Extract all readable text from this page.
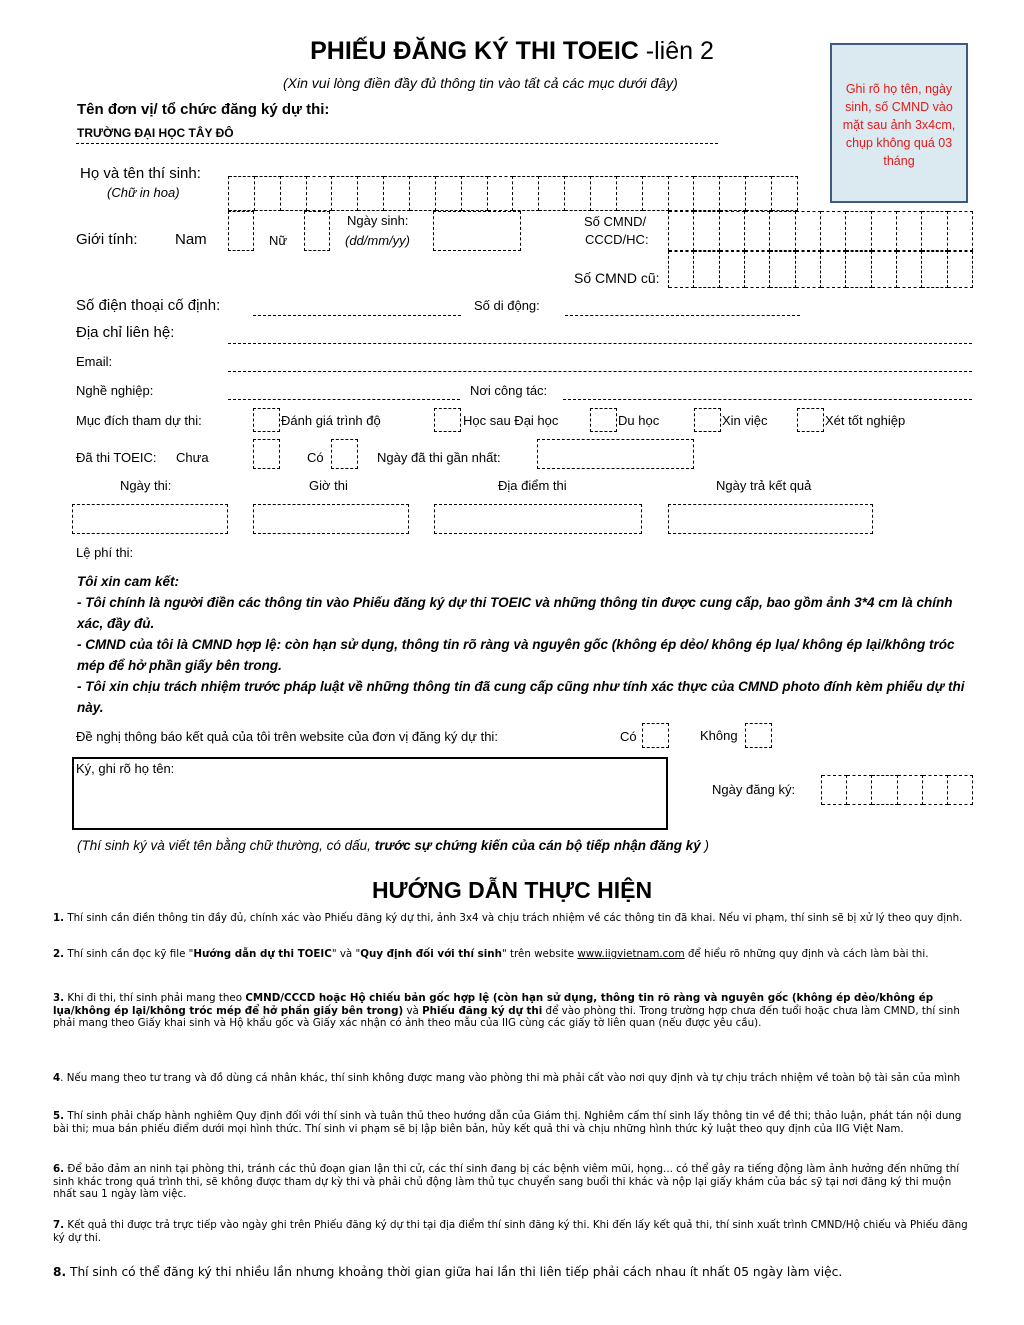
PHIẾU ĐĂNG KÝ THI TOEIC -liên 2
(Xin vui lòng điền đầy đủ thông tin vào tất cả các mục dưới đây)
Tên đơn vị/ tổ chức đăng ký dự thi:
TRƯỜNG ĐẠI HỌC TÂY ĐÔ
Ghi rõ họ tên, ngày sinh, số CMND vào mặt sau ảnh 3x4cm, chụp không quá 03 tháng
Họ và tên thí sinh:
(Chữ in hoa)
Giới tính: Nam	Nữ
Ngày sinh:
(dd/mm/yy)
Số CMND/
CCCD/HC:
Số CMND cũ:
Số điện thoại cố định:	Số di động:
Địa chỉ liên hệ:
Email:
Nghề nghiệp:	Nơi công tác:
Mục đích tham dự thi:	Đánh giá trình độ	Học sau Đại học	Du học	Xin việc	Xét tốt nghiệp
Đã thi TOEIC: Chưa	Có	Ngày đã thi gần nhất:
Ngày thi:	Giờ thi	Địa điểm thi	Ngày trả kết quả
Lệ phí thi:
Tôi xin cam kết:
- Tôi chính là người điền các thông tin vào Phiếu đăng ký dự thi TOEIC và những thông tin được cung cấp, bao gồm ảnh 3*4 cm là chính xác, đầy đủ.
- CMND của tôi là CMND hợp lệ: còn hạn sử dụng, thông tin rõ ràng và nguyên gốc (không ép dẻo/ không ép lụa/ không ép lại/không tróc mép để hở phần giấy bên trong.
- Tôi xin chịu trách nhiệm trước pháp luật về những thông tin đã cung cấp cũng như tính xác thực của CMND photo đính kèm phiếu dự thi này.
Đề nghị thông báo kết quả của tôi trên website của đơn vị đăng ký dự thi:	Có	Không
Ký, ghi rõ họ tên:
Ngày đăng ký:
(Thí sinh ký và viết tên bằng chữ thường, có dấu, trước sự chứng kiến của cán bộ tiếp nhận đăng ký )
HƯỚNG DẪN THỰC HIỆN
1. Thí sinh cần điền thông tin đầy đủ, chính xác vào Phiếu đăng ký dự thi, ảnh 3x4 và chịu trách nhiệm về các thông tin đã khai. Nếu vi phạm, thí sinh sẽ bị xử lý theo quy định.
2. Thí sinh cần đọc kỹ file "Hướng dẫn dự thi TOEIC" và "Quy định đối với thí sinh" trên website www.iigvietnam.com để hiểu rõ những quy định và cách làm bài thi.
3. Khi đi thi, thí sinh phải mang theo CMND/CCCD hoặc Hộ chiếu bản gốc hợp lệ (còn hạn sử dụng, thông tin rõ ràng và nguyên gốc (không ép dẻo/không ép lụa/không ép lại/không tróc mép để hở phần giấy bên trong) và Phiếu đăng ký dự thi để vào phòng thi. Trong trường hợp chưa đến tuổi hoặc chưa làm CMND, thí sinh phải mang theo Giấy khai sinh và Hộ khẩu gốc và Giấy xác nhận có ảnh theo mẫu của IIG cùng các giấy tờ liên quan (nếu được yêu cầu).
4. Nếu mang theo tư trang và đồ dùng cá nhân khác, thí sinh không được mang vào phòng thi mà phải cất vào nơi quy định và tự chịu trách nhiệm về toàn bộ tài sản của mình
5. Thí sinh phải chấp hành nghiêm Quy định đối với thí sinh và tuân thủ theo hướng dẫn của Giám thị. Nghiêm cấm thí sinh lấy thông tin về đề thi; thảo luận, phát tán nội dung bài thi; mua bán phiếu điểm dưới mọi hình thức. Thí sinh vi phạm sẽ bị lập biên bản, hủy kết quả thi và chịu những hình thức kỷ luật theo quy định của IIG Việt Nam.
6. Để bảo đảm an ninh tại phòng thi, tránh các thủ đoạn gian lận thi cử, các thí sinh đang bị các bệnh viêm mũi, họng... có thể gây ra tiếng động làm ảnh hưởng đến những thí sinh khác trong quá trình thi, sẽ không được tham dự kỳ thi và phải chủ động làm thủ tục chuyển sang buổi thi khác và nộp lại giấy khám của bác sỹ tại nơi đăng ký thi muộn nhất sau 1 ngày làm việc.
7. Kết quả thi được trả trực tiếp vào ngày ghi trên Phiếu đăng ký dự thi tại địa điểm thí sinh đăng ký thi. Khi đến lấy kết quả thi, thí sinh xuất trình CMND/Hộ chiếu và Phiếu đăng ký dự thi.
8. Thí sinh có thể đăng ký thi nhiều lần nhưng khoảng thời gian giữa hai lần thi liên tiếp phải cách nhau ít nhất 05 ngày làm việc.
